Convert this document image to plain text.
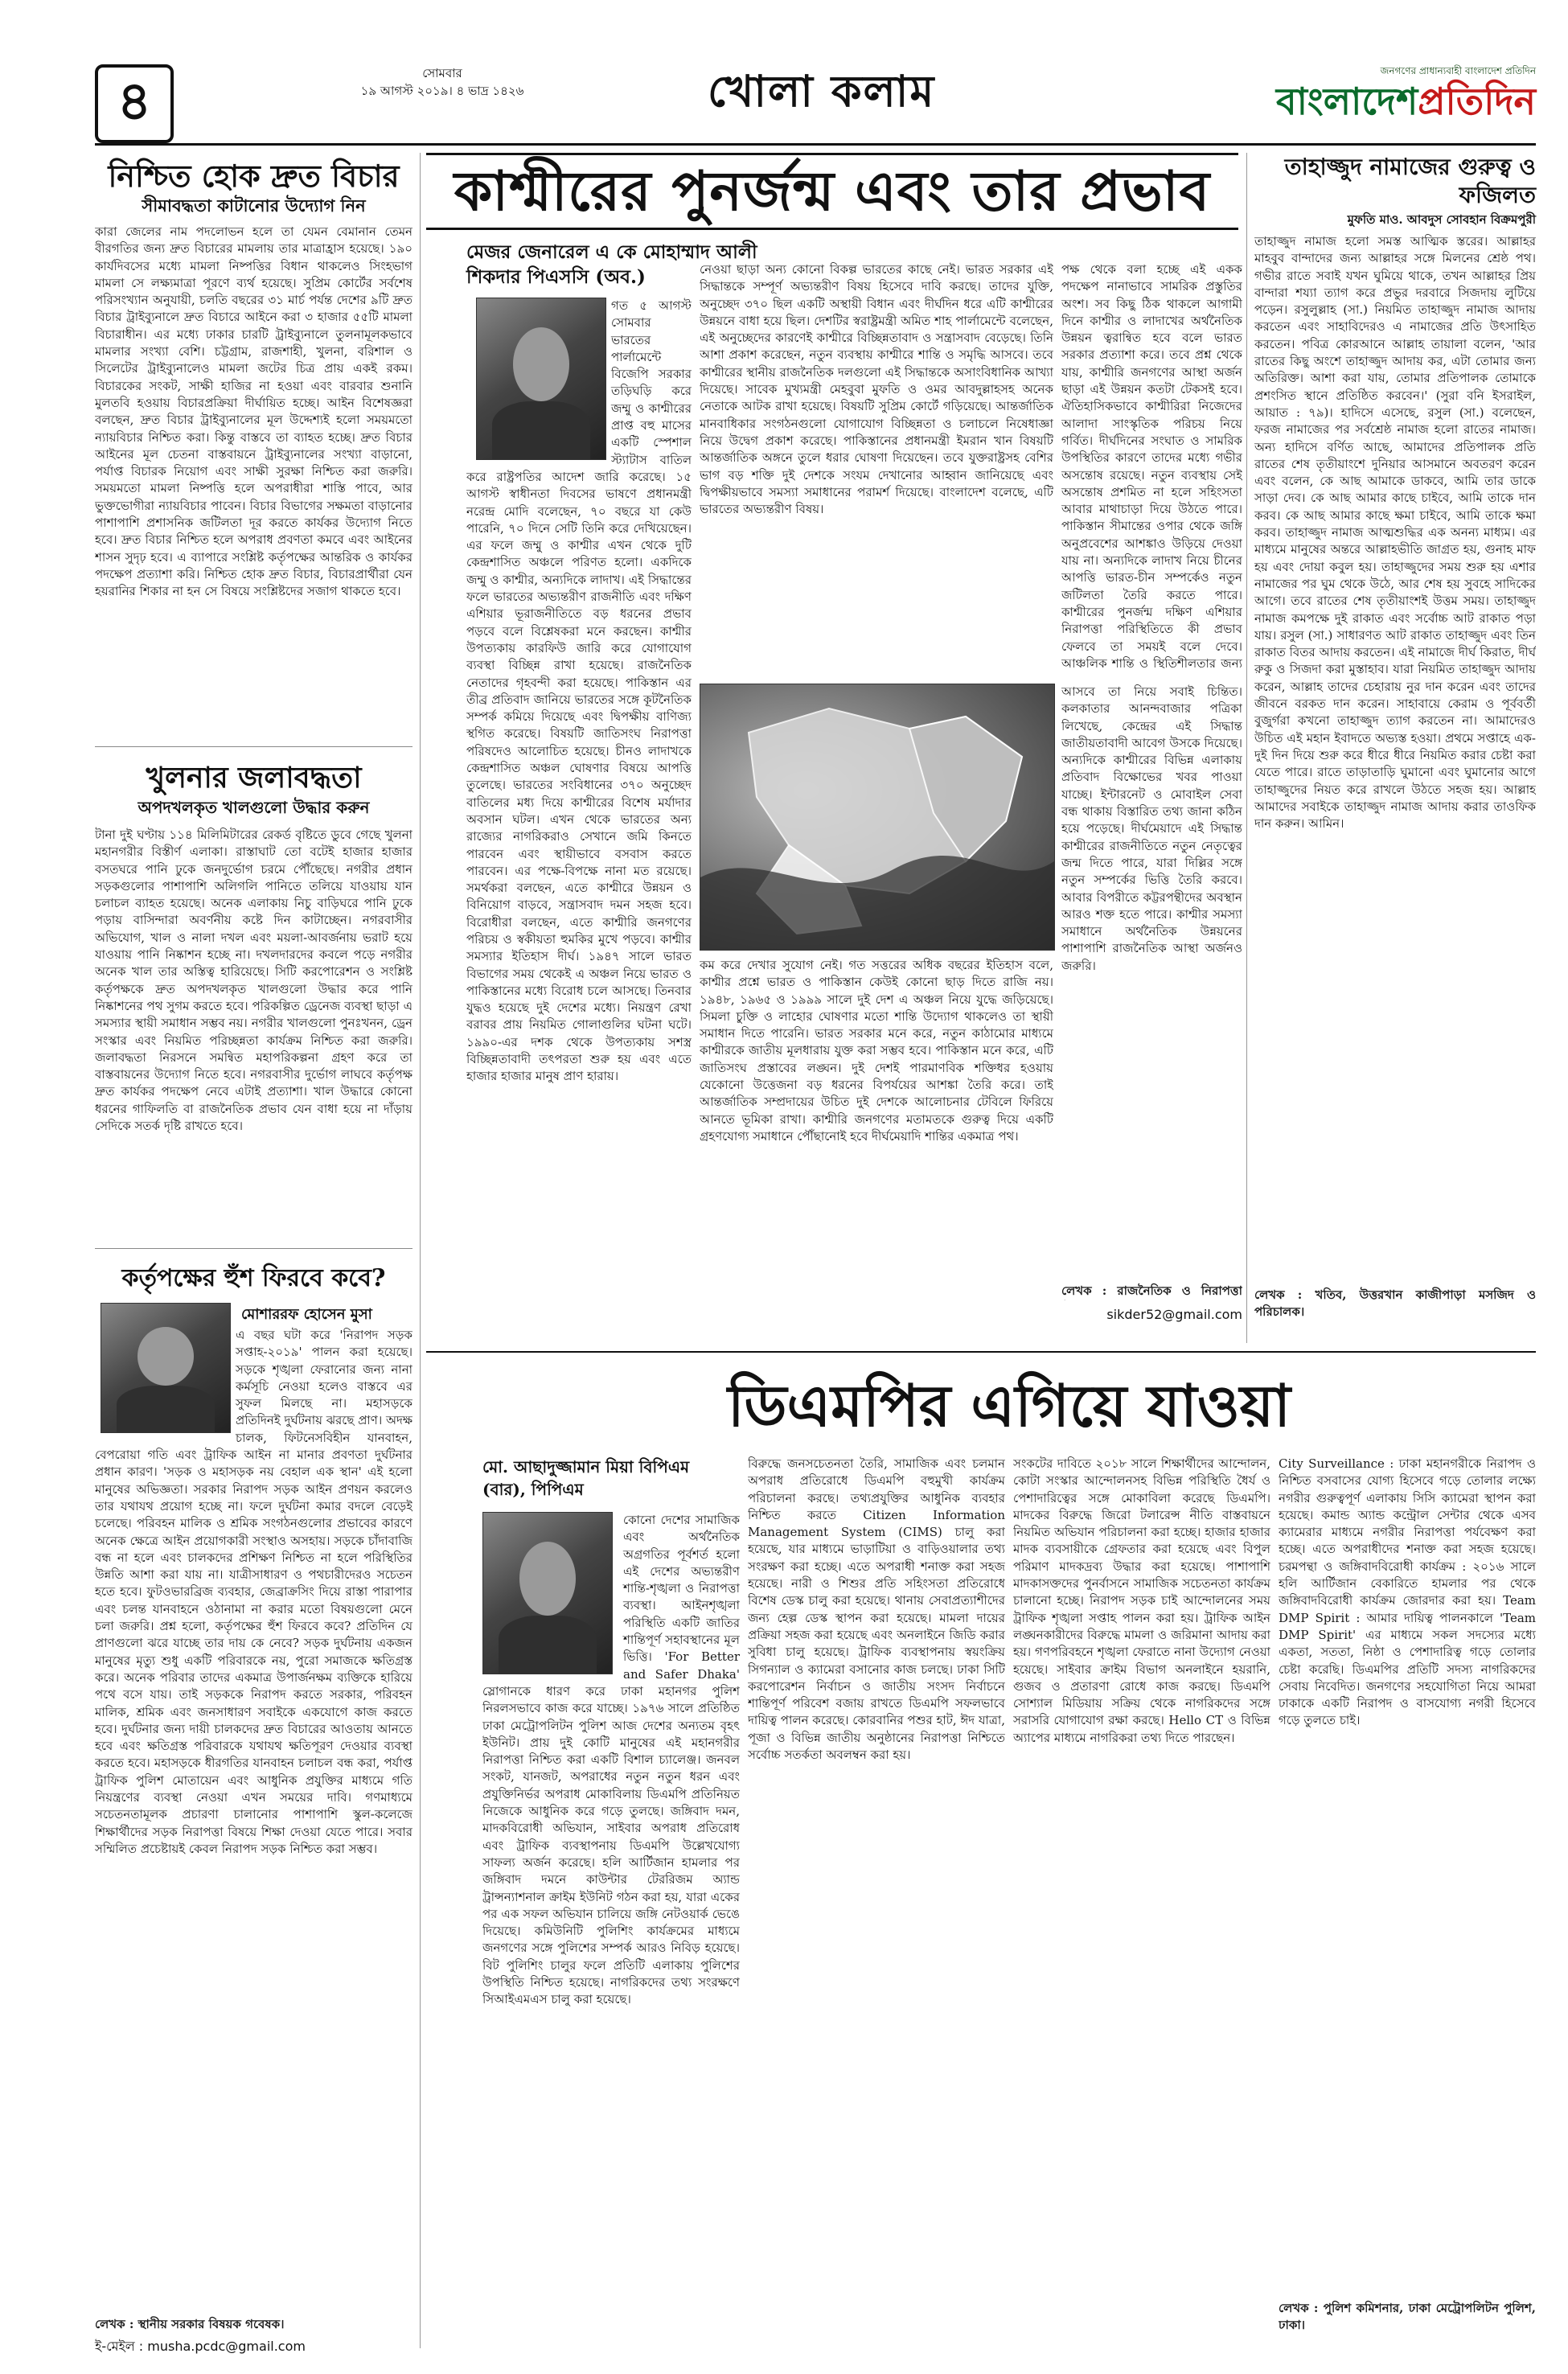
৪	সোমবার
১৯ আগস্ট ২০১৯। ৪ ভাদ্র ১৪২৬	খোলা কলাম	জনগণের প্রাধান্যবাহী বাংলাদেশ প্রতিদিন
বাংলাদেশপ্রতিদিন
নিশ্চিত হোক দ্রুত বিচার
সীমাবদ্ধতা কাটানোর উদ্যোগ নিন
কারা জেলের নাম পদলোভন হলে তা যেমন বেমানান তেমন বীরগতির জন্য দ্রুত বিচারের মামলায় তার মাত্রাহ্রাস হয়েছে। ১৯০ কার্যদিবসের মধ্যে মামলা নিষ্পত্তির বিধান থাকলেও সিংহভাগ মামলা সে লক্ষ্যমাত্রা পূরণে ব্যর্থ হয়েছে। সুপ্রিম কোর্টের সর্বশেষ পরিসংখ্যান অনুযায়ী, চলতি বছরের ৩১ মার্চ পর্যন্ত দেশের ৯টি দ্রুত বিচার ট্রাইব্যুনালে দ্রুত বিচারে আইনে করা ৩ হাজার ৫৫টি মামলা বিচারাধীন। এর মধ্যে ঢাকার চারটি ট্রাইব্যুনালে তুলনামূলকভাবে মামলার সংখ্যা বেশি। চট্টগ্রাম, রাজশাহী, খুলনা, বরিশাল ও সিলেটের ট্রাইব্যুনালেও মামলা জটের চিত্র প্রায় একই রকম। বিচারকের সংকট, সাক্ষী হাজির না হওয়া এবং বারবার শুনানি মুলতবি হওয়ায় বিচারপ্রক্রিয়া দীর্ঘায়িত হচ্ছে। আইন বিশেষজ্ঞরা বলছেন, দ্রুত বিচার ট্রাইব্যুনালের মূল উদ্দেশ্যই হলো সময়মতো ন্যায়বিচার নিশ্চিত করা। কিন্তু বাস্তবে তা ব্যাহত হচ্ছে। দ্রুত বিচার আইনের মূল চেতনা বাস্তবায়নে ট্রাইব্যুনালের সংখ্যা বাড়ানো, পর্যাপ্ত বিচারক নিয়োগ এবং সাক্ষী সুরক্ষা নিশ্চিত করা জরুরি। সময়মতো মামলা নিষ্পত্তি হলে অপরাধীরা শাস্তি পাবে, আর ভুক্তভোগীরা ন্যায়বিচার পাবেন। বিচার বিভাগের সক্ষমতা বাড়ানোর পাশাপাশি প্রশাসনিক জটিলতা দূর করতে কার্যকর উদ্যোগ নিতে হবে। দ্রুত বিচার নিশ্চিত হলে অপরাধ প্রবণতা কমবে এবং আইনের শাসন সুদৃঢ় হবে। এ ব্যাপারে সংশ্লিষ্ট কর্তৃপক্ষের আন্তরিক ও কার্যকর পদক্ষেপ প্রত্যাশা করি। নিশ্চিত হোক দ্রুত বিচার, বিচারপ্রার্থীরা যেন হয়রানির শিকার না হন সে বিষয়ে সংশ্লিষ্টদের সজাগ থাকতে হবে।
খুলনার জলাবদ্ধতা
অপদখলকৃত খালগুলো উদ্ধার করুন
টানা দুই ঘণ্টায় ১১৪ মিলিমিটারের রেকর্ড বৃষ্টিতে ডুবে গেছে খুলনা মহানগরীর বিস্তীর্ণ এলাকা। রাস্তাঘাট তো বটেই হাজার হাজার বসতঘরে পানি ঢুকে জনদুর্ভোগ চরমে পৌঁছেছে। নগরীর প্রধান সড়কগুলোর পাশাপাশি অলিগলি পানিতে তলিয়ে যাওয়ায় যান চলাচল ব্যাহত হয়েছে। অনেক এলাকায় নিচু বাড়িঘরে পানি ঢুকে পড়ায় বাসিন্দারা অবর্ণনীয় কষ্টে দিন কাটাচ্ছেন। নগরবাসীর অভিযোগ, খাল ও নালা দখল এবং ময়লা-আবর্জনায় ভরাট হয়ে যাওয়ায় পানি নিষ্কাশন হচ্ছে না। দখলদারদের কবলে পড়ে নগরীর অনেক খাল তার অস্তিত্ব হারিয়েছে। সিটি করপোরেশন ও সংশ্লিষ্ট কর্তৃপক্ষকে দ্রুত অপদখলকৃত খালগুলো উদ্ধার করে পানি নিষ্কাশনের পথ সুগম করতে হবে। পরিকল্পিত ড্রেনেজ ব্যবস্থা ছাড়া এ সমস্যার স্থায়ী সমাধান সম্ভব নয়। নগরীর খালগুলো পুনঃখনন, ড্রেন সংস্কার এবং নিয়মিত পরিচ্ছন্নতা কার্যক্রম নিশ্চিত করা জরুরি। জলাবদ্ধতা নিরসনে সমন্বিত মহাপরিকল্পনা গ্রহণ করে তা বাস্তবায়নের উদ্যোগ নিতে হবে। নগরবাসীর দুর্ভোগ লাঘবে কর্তৃপক্ষ দ্রুত কার্যকর পদক্ষেপ নেবে এটাই প্রত্যাশা। খাল উদ্ধারে কোনো ধরনের গাফিলতি বা রাজনৈতিক প্রভাব যেন বাধা হয়ে না দাঁড়ায় সেদিকে সতর্ক দৃষ্টি রাখতে হবে।
কর্তৃপক্ষের হুঁশ ফিরবে কবে?
মোশাররফ হোসেন মুসা
এ বছর ঘটা করে 'নিরাপদ সড়ক সপ্তাহ-২০১৯' পালন করা হয়েছে। সড়কে শৃঙ্খলা ফেরানোর জন্য নানা কর্মসূচি নেওয়া হলেও বাস্তবে এর সুফল মিলছে না। মহাসড়কে প্রতিদিনই দুর্ঘটনায় ঝরছে প্রাণ। অদক্ষ চালক, ফিটনেসবিহীন যানবাহন, বেপরোয়া গতি এবং ট্রাফিক আইন না মানার প্রবণতা দুর্ঘটনার প্রধান কারণ। 'সড়ক ও মহাসড়ক নয় বেহাল এক স্থান' এই হলো মানুষের অভিজ্ঞতা। সরকার নিরাপদ সড়ক আইন প্রণয়ন করলেও তার যথাযথ প্রয়োগ হচ্ছে না। ফলে দুর্ঘটনা কমার বদলে বেড়েই চলেছে। পরিবহন মালিক ও শ্রমিক সংগঠনগুলোর প্রভাবের কারণে অনেক ক্ষেত্রে আইন প্রয়োগকারী সংস্থাও অসহায়। সড়কে চাঁদাবাজি বন্ধ না হলে এবং চালকদের প্রশিক্ষণ নিশ্চিত না হলে পরিস্থিতির উন্নতি আশা করা যায় না। যাত্রীসাধারণ ও পথচারীদেরও সচেতন হতে হবে। ফুটওভারব্রিজ ব্যবহার, জেব্রাক্রসিং দিয়ে রাস্তা পারাপার এবং চলন্ত যানবাহনে ওঠানামা না করার মতো বিষয়গুলো মেনে চলা জরুরি। প্রশ্ন হলো, কর্তৃপক্ষের হুঁশ ফিরবে কবে? প্রতিদিন যে প্রাণগুলো ঝরে যাচ্ছে তার দায় কে নেবে? সড়ক দুর্ঘটনায় একজন মানুষের মৃত্যু শুধু একটি পরিবারকে নয়, পুরো সমাজকে ক্ষতিগ্রস্ত করে। অনেক পরিবার তাদের একমাত্র উপার্জনক্ষম ব্যক্তিকে হারিয়ে পথে বসে যায়। তাই সড়ককে নিরাপদ করতে সরকার, পরিবহন মালিক, শ্রমিক এবং জনসাধারণ সবাইকে একযোগে কাজ করতে হবে। দুর্ঘটনার জন্য দায়ী চালকদের দ্রুত বিচারের আওতায় আনতে হবে এবং ক্ষতিগ্রস্ত পরিবারকে যথাযথ ক্ষতিপূরণ দেওয়ার ব্যবস্থা করতে হবে। মহাসড়কে ধীরগতির যানবাহন চলাচল বন্ধ করা, পর্যাপ্ত ট্রাফিক পুলিশ মোতায়েন এবং আধুনিক প্রযুক্তির মাধ্যমে গতি নিয়ন্ত্রণের ব্যবস্থা নেওয়া এখন সময়ের দাবি। গণমাধ্যমে সচেতনতামূলক প্রচারণা চালানোর পাশাপাশি স্কুল-কলেজে শিক্ষার্থীদের সড়ক নিরাপত্তা বিষয়ে শিক্ষা দেওয়া যেতে পারে। সবার সম্মিলিত প্রচেষ্টায়ই কেবল নিরাপদ সড়ক নিশ্চিত করা সম্ভব।
লেখক : স্থানীয় সরকার বিষয়ক গবেষক।
ই-মেইল : musha.pcdc@gmail.com
কাশ্মীরের পুনর্জন্ম এবং তার প্রভাব
মেজর জেনারেল এ কে মোহাম্মাদ আলী শিকদার পিএসসি (অব.)
গত ৫ আগস্ট সোমবার ভারতের পার্লামেন্টে বিজেপি সরকার তড়িঘড়ি করে জম্মু ও কাশ্মীরের প্রাপ্ত বহু মাসের একটি স্পেশাল স্ট্যাটাস বাতিল করে রাষ্ট্রপতির আদেশ জারি করেছে। ১৫ আগস্ট স্বাধীনতা দিবসের ভাষণে প্রধানমন্ত্রী নরেন্দ্র মোদি বলেছেন, ৭০ বছরে যা কেউ পারেনি, ৭০ দিনে সেটি তিনি করে দেখিয়েছেন। এর ফলে জম্মু ও কাশ্মীর এখন থেকে দুটি কেন্দ্রশাসিত অঞ্চলে পরিণত হলো। একদিকে জম্মু ও কাশ্মীর, অন্যদিকে লাদাখ। এই সিদ্ধান্তের ফলে ভারতের অভ্যন্তরীণ রাজনীতি এবং দক্ষিণ এশিয়ার ভূরাজনীতিতে বড় ধরনের প্রভাব পড়বে বলে বিশ্লেষকরা মনে করছেন। কাশ্মীর উপত্যকায় কারফিউ জারি করে যোগাযোগ ব্যবস্থা বিচ্ছিন্ন রাখা হয়েছে। রাজনৈতিক নেতাদের গৃহবন্দী করা হয়েছে। পাকিস্তান এর তীব্র প্রতিবাদ জানিয়ে ভারতের সঙ্গে কূটনৈতিক সম্পর্ক কমিয়ে দিয়েছে এবং দ্বিপক্ষীয় বাণিজ্য স্থগিত করেছে। বিষয়টি জাতিসংঘ নিরাপত্তা পরিষদেও আলোচিত হয়েছে। চীনও লাদাখকে কেন্দ্রশাসিত অঞ্চল ঘোষণার বিষয়ে আপত্তি তুলেছে। ভারতের সংবিধানের ৩৭০ অনুচ্ছেদ বাতিলের মধ্য দিয়ে কাশ্মীরের বিশেষ মর্যাদার অবসান ঘটল। এখন থেকে ভারতের অন্য রাজ্যের নাগরিকরাও সেখানে জমি কিনতে পারবেন এবং স্থায়ীভাবে বসবাস করতে পারবেন। এর পক্ষে-বিপক্ষে নানা মত রয়েছে। সমর্থকরা বলছেন, এতে কাশ্মীরে উন্নয়ন ও বিনিয়োগ বাড়বে, সন্ত্রাসবাদ দমন সহজ হবে। বিরোধীরা বলছেন, এতে কাশ্মীরি জনগণের পরিচয় ও স্বকীয়তা হুমকির মুখে পড়বে। কাশ্মীর সমস্যার ইতিহাস দীর্ঘ। ১৯৪৭ সালে ভারত বিভাগের সময় থেকেই এ অঞ্চল নিয়ে ভারত ও পাকিস্তানের মধ্যে বিরোধ চলে আসছে। তিনবার যুদ্ধও হয়েছে দুই দেশের মধ্যে। নিয়ন্ত্রণ রেখা বরাবর প্রায় নিয়মিত গোলাগুলির ঘটনা ঘটে। ১৯৯০-এর দশক থেকে উপত্যকায় সশস্ত্র বিচ্ছিন্নতাবাদী তৎপরতা শুরু হয় এবং এতে হাজার হাজার মানুষ প্রাণ হারায়।
নেওয়া ছাড়া অন্য কোনো বিকল্প ভারতের কাছে নেই। ভারত সরকার এই সিদ্ধান্তকে সম্পূর্ণ অভ্যন্তরীণ বিষয় হিসেবে দাবি করছে। তাদের যুক্তি, অনুচ্ছেদ ৩৭০ ছিল একটি অস্থায়ী বিধান এবং দীর্ঘদিন ধরে এটি কাশ্মীরের উন্নয়নে বাধা হয়ে ছিল। দেশটির স্বরাষ্ট্রমন্ত্রী অমিত শাহ পার্লামেন্টে বলেছেন, এই অনুচ্ছেদের কারণেই কাশ্মীরে বিচ্ছিন্নতাবাদ ও সন্ত্রাসবাদ বেড়েছে। তিনি আশা প্রকাশ করেছেন, নতুন ব্যবস্থায় কাশ্মীরে শান্তি ও সমৃদ্ধি আসবে। তবে কাশ্মীরের স্থানীয় রাজনৈতিক দলগুলো এই সিদ্ধান্তকে অসাংবিধানিক আখ্যা দিয়েছে। সাবেক মুখ্যমন্ত্রী মেহবুবা মুফতি ও ওমর আবদুল্লাহসহ অনেক নেতাকে আটক রাখা হয়েছে। বিষয়টি সুপ্রিম কোর্টে গড়িয়েছে। আন্তর্জাতিক মানবাধিকার সংগঠনগুলো যোগাযোগ বিচ্ছিন্নতা ও চলাচলে নিষেধাজ্ঞা নিয়ে উদ্বেগ প্রকাশ করেছে। পাকিস্তানের প্রধানমন্ত্রী ইমরান খান বিষয়টি আন্তর্জাতিক অঙ্গনে তুলে ধরার ঘোষণা দিয়েছেন। তবে যুক্তরাষ্ট্রসহ বেশির ভাগ বড় শক্তি দুই দেশকে সংযম দেখানোর আহ্বান জানিয়েছে এবং দ্বিপক্ষীয়ভাবে সমস্যা সমাধানের পরামর্শ দিয়েছে। বাংলাদেশ বলেছে, এটি ভারতের অভ্যন্তরীণ বিষয়।
পক্ষ থেকে বলা হচ্ছে এই একক পদক্ষেপ নানাভাবে সামরিক প্রস্তুতির অংশ। সব কিছু ঠিক থাকলে আগামী দিনে কাশ্মীর ও লাদাখের অর্থনৈতিক উন্নয়ন ত্বরান্বিত হবে বলে ভারত সরকার প্রত্যাশা করে। তবে প্রশ্ন থেকে যায়, কাশ্মীরি জনগণের আস্থা অর্জন ছাড়া এই উন্নয়ন কতটা টেকসই হবে। ঐতিহাসিকভাবে কাশ্মীরিরা নিজেদের আলাদা সাংস্কৃতিক পরিচয় নিয়ে গর্বিত। দীর্ঘদিনের সংঘাত ও সামরিক উপস্থিতির কারণে তাদের মধ্যে গভীর অসন্তোষ রয়েছে। নতুন ব্যবস্থায় সেই অসন্তোষ প্রশমিত না হলে সহিংসতা আবার মাথাচাড়া দিয়ে উঠতে পারে। পাকিস্তান সীমান্তের ওপার থেকে জঙ্গি অনুপ্রবেশের আশঙ্কাও উড়িয়ে দেওয়া যায় না। অন্যদিকে লাদাখ নিয়ে চীনের আপত্তি ভারত-চীন সম্পর্কেও নতুন জটিলতা তৈরি করতে পারে। কাশ্মীরের পুনর্জন্ম দক্ষিণ এশিয়ার নিরাপত্তা পরিস্থিতিতে কী প্রভাব ফেলবে তা সময়ই বলে দেবে। আঞ্চলিক শান্তি ও স্থিতিশীলতার জন্য
কম করে দেখার সুযোগ নেই। গত সত্তরের অধিক বছরের ইতিহাস বলে, কাশ্মীর প্রশ্নে ভারত ও পাকিস্তান কেউই কোনো ছাড় দিতে রাজি নয়। ১৯৪৮, ১৯৬৫ ও ১৯৯৯ সালে দুই দেশ এ অঞ্চল নিয়ে যুদ্ধে জড়িয়েছে। সিমলা চুক্তি ও লাহোর ঘোষণার মতো শান্তি উদ্যোগ থাকলেও তা স্থায়ী সমাধান দিতে পারেনি। ভারত সরকার মনে করে, নতুন কাঠামোর মাধ্যমে কাশ্মীরকে জাতীয় মূলধারায় যুক্ত করা সম্ভব হবে। পাকিস্তান মনে করে, এটি জাতিসংঘ প্রস্তাবের লঙ্ঘন। দুই দেশই পারমাণবিক শক্তিধর হওয়ায় যেকোনো উত্তেজনা বড় ধরনের বিপর্যয়ের আশঙ্কা তৈরি করে। তাই আন্তর্জাতিক সম্প্রদায়ের উচিত দুই দেশকে আলোচনার টেবিলে ফিরিয়ে আনতে ভূমিকা রাখা। কাশ্মীরি জনগণের মতামতকে গুরুত্ব দিয়ে একটি গ্রহণযোগ্য সমাধানে পৌঁছানোই হবে দীর্ঘমেয়াদি শান্তির একমাত্র পথ।
আসবে তা নিয়ে সবাই চিন্তিত। কলকাতার আনন্দবাজার পত্রিকা লিখেছে, কেন্দ্রের এই সিদ্ধান্ত জাতীয়তাবাদী আবেগ উসকে দিয়েছে। অন্যদিকে কাশ্মীরের বিভিন্ন এলাকায় প্রতিবাদ বিক্ষোভের খবর পাওয়া যাচ্ছে। ইন্টারনেট ও মোবাইল সেবা বন্ধ থাকায় বিস্তারিত তথ্য জানা কঠিন হয়ে পড়েছে। দীর্ঘমেয়াদে এই সিদ্ধান্ত কাশ্মীরের রাজনীতিতে নতুন নেতৃত্বের জন্ম দিতে পারে, যারা দিল্লির সঙ্গে নতুন সম্পর্কের ভিত্তি তৈরি করবে। আবার বিপরীতে কট্টরপন্থীদের অবস্থান আরও শক্ত হতে পারে। কাশ্মীর সমস্যা সমাধানে অর্থনৈতিক উন্নয়নের পাশাপাশি রাজনৈতিক আস্থা অর্জনও জরুরি।
লেখক : রাজনৈতিক ও নিরাপত্তা
sikder52@gmail.com
তাহাজ্জুদ নামাজের গুরুত্ব ও ফজিলত
মুফতি মাও. আবদুস সোবহান বিক্রমপুরী
তাহাজ্জুদ নামাজ হলো সমস্ত আত্মিক স্তরের। আল্লাহর মাহবুব বান্দাদের জন্য আল্লাহর সঙ্গে মিলনের শ্রেষ্ঠ পথ। গভীর রাতে সবাই যখন ঘুমিয়ে থাকে, তখন আল্লাহর প্রিয় বান্দারা শয্যা ত্যাগ করে প্রভুর দরবারে সিজদায় লুটিয়ে পড়েন। রসুলুল্লাহ (সা.) নিয়মিত তাহাজ্জুদ নামাজ আদায় করতেন এবং সাহাবিদেরও এ নামাজের প্রতি উৎসাহিত করতেন। পবিত্র কোরআনে আল্লাহ তায়ালা বলেন, 'আর রাতের কিছু অংশে তাহাজ্জুদ আদায় কর, এটা তোমার জন্য অতিরিক্ত। আশা করা যায়, তোমার প্রতিপালক তোমাকে প্রশংসিত স্থানে প্রতিষ্ঠিত করবেন।' (সুরা বনি ইসরাইল, আয়াত : ৭৯)। হাদিসে এসেছে, রসুল (সা.) বলেছেন, ফরজ নামাজের পর সর্বশ্রেষ্ঠ নামাজ হলো রাতের নামাজ। অন্য হাদিসে বর্ণিত আছে, আমাদের প্রতিপালক প্রতি রাতের শেষ তৃতীয়াংশে দুনিয়ার আসমানে অবতরণ করেন এবং বলেন, কে আছ আমাকে ডাকবে, আমি তার ডাকে সাড়া দেব। কে আছ আমার কাছে চাইবে, আমি তাকে দান করব। কে আছ আমার কাছে ক্ষমা চাইবে, আমি তাকে ক্ষমা করব। তাহাজ্জুদ নামাজ আত্মশুদ্ধির এক অনন্য মাধ্যম। এর মাধ্যমে মানুষের অন্তরে আল্লাহভীতি জাগ্রত হয়, গুনাহ মাফ হয় এবং দোয়া কবুল হয়। তাহাজ্জুদের সময় শুরু হয় এশার নামাজের পর ঘুম থেকে উঠে, আর শেষ হয় সুবহে সাদিকের আগে। তবে রাতের শেষ তৃতীয়াংশই উত্তম সময়। তাহাজ্জুদ নামাজ কমপক্ষে দুই রাকাত এবং সর্বোচ্চ আট রাকাত পড়া যায়। রসুল (সা.) সাধারণত আট রাকাত তাহাজ্জুদ এবং তিন রাকাত বিতর আদায় করতেন। এই নামাজে দীর্ঘ কিরাত, দীর্ঘ রুকু ও সিজদা করা মুস্তাহাব। যারা নিয়মিত তাহাজ্জুদ আদায় করেন, আল্লাহ তাদের চেহারায় নুর দান করেন এবং তাদের জীবনে বরকত দান করেন। সাহাবায়ে কেরাম ও পূর্ববর্তী বুজুর্গরা কখনো তাহাজ্জুদ ত্যাগ করতেন না। আমাদেরও উচিত এই মহান ইবাদতে অভ্যস্ত হওয়া। প্রথমে সপ্তাহে এক-দুই দিন দিয়ে শুরু করে ধীরে ধীরে নিয়মিত করার চেষ্টা করা যেতে পারে। রাতে তাড়াতাড়ি ঘুমানো এবং ঘুমানোর আগে তাহাজ্জুদের নিয়ত করে রাখলে উঠতে সহজ হয়। আল্লাহ আমাদের সবাইকে তাহাজ্জুদ নামাজ আদায় করার তাওফিক দান করুন। আমিন।
লেখক : খতিব, উত্তরখান কাজীপাড়া মসজিদ ও পরিচালক।
ডিএমপির এগিয়ে যাওয়া
মো. আছাদুজ্জামান মিয়া বিপিএম (বার), পিপিএম
কোনো দেশের সামাজিক এবং অর্থনৈতিক অগ্রগতির পূর্বশর্ত হলো এই দেশের অভ্যন্তরীণ শান্তি-শৃঙ্খলা ও নিরাপত্তা ব্যবস্থা। আইনশৃঙ্খলা পরিস্থিতি একটি জাতির শান্তিপূর্ণ সহাবস্থানের মূল ভিত্তি। 'For Better and Safer Dhaka' স্লোগানকে ধারণ করে ঢাকা মহানগর পুলিশ নিরলসভাবে কাজ করে যাচ্ছে। ১৯৭৬ সালে প্রতিষ্ঠিত ঢাকা মেট্রোপলিটন পুলিশ আজ দেশের অন্যতম বৃহৎ ইউনিট। প্রায় দুই কোটি মানুষের এই মহানগরীর নিরাপত্তা নিশ্চিত করা একটি বিশাল চ্যালেঞ্জ। জনবল সংকট, যানজট, অপরাধের নতুন নতুন ধরন এবং প্রযুক্তিনির্ভর অপরাধ মোকাবিলায় ডিএমপি প্রতিনিয়ত নিজেকে আধুনিক করে গড়ে তুলছে। জঙ্গিবাদ দমন, মাদকবিরোধী অভিযান, সাইবার অপরাধ প্রতিরোধ এবং ট্রাফিক ব্যবস্থাপনায় ডিএমপি উল্লেখযোগ্য সাফল্য অর্জন করেছে। হলি আর্টিজান হামলার পর জঙ্গিবাদ দমনে কাউন্টার টেররিজম অ্যান্ড ট্রান্সন্যাশনাল ক্রাইম ইউনিট গঠন করা হয়, যারা একের পর এক সফল অভিযান চালিয়ে জঙ্গি নেটওয়ার্ক ভেঙে দিয়েছে। কমিউনিটি পুলিশিং কার্যক্রমের মাধ্যমে জনগণের সঙ্গে পুলিশের সম্পর্ক আরও নিবিড় হয়েছে। বিট পুলিশিং চালুর ফলে প্রতিটি এলাকায় পুলিশের উপস্থিতি নিশ্চিত হয়েছে। নাগরিকদের তথ্য সংরক্ষণে সিআইএমএস চালু করা হয়েছে।
বিরুদ্ধে জনসচেতনতা তৈরি, সামাজিক এবং চলমান অপরাধ প্রতিরোধে ডিএমপি বহুমুখী কার্যক্রম পরিচালনা করছে। তথ্যপ্রযুক্তির আধুনিক ব্যবহার নিশ্চিত করতে Citizen Information Management System (CIMS) চালু করা হয়েছে, যার মাধ্যমে ভাড়াটিয়া ও বাড়িওয়ালার তথ্য সংরক্ষণ করা হচ্ছে। এতে অপরাধী শনাক্ত করা সহজ হয়েছে। নারী ও শিশুর প্রতি সহিংসতা প্রতিরোধে বিশেষ ডেস্ক চালু করা হয়েছে। থানায় সেবাপ্রত্যাশীদের জন্য হেল্প ডেস্ক স্থাপন করা হয়েছে। মামলা দায়ের প্রক্রিয়া সহজ করা হয়েছে এবং অনলাইনে জিডি করার সুবিধা চালু হয়েছে। ট্রাফিক ব্যবস্থাপনায় স্বয়ংক্রিয় সিগন্যাল ও ক্যামেরা বসানোর কাজ চলছে। ঢাকা সিটি করপোরেশন নির্বাচন ও জাতীয় সংসদ নির্বাচনে শান্তিপূর্ণ পরিবেশ বজায় রাখতে ডিএমপি সফলভাবে দায়িত্ব পালন করেছে। কোরবানির পশুর হাট, ঈদ যাত্রা, পূজা ও বিভিন্ন জাতীয় অনুষ্ঠানের নিরাপত্তা নিশ্চিতে সর্বোচ্চ সতর্কতা অবলম্বন করা হয়।
সংকটের দাবিতে ২০১৮ সালে শিক্ষার্থীদের আন্দোলন, কোটা সংস্কার আন্দোলনসহ বিভিন্ন পরিস্থিতি ধৈর্য ও পেশাদারিত্বের সঙ্গে মোকাবিলা করেছে ডিএমপি। মাদকের বিরুদ্ধে জিরো টলারেন্স নীতি বাস্তবায়নে নিয়মিত অভিযান পরিচালনা করা হচ্ছে। হাজার হাজার মাদক ব্যবসায়ীকে গ্রেফতার করা হয়েছে এবং বিপুল পরিমাণ মাদকদ্রব্য উদ্ধার করা হয়েছে। পাশাপাশি মাদকাসক্তদের পুনর্বাসনে সামাজিক সচেতনতা কার্যক্রম চালানো হচ্ছে। নিরাপদ সড়ক চাই আন্দোলনের সময় ট্রাফিক শৃঙ্খলা সপ্তাহ পালন করা হয়। ট্রাফিক আইন লঙ্ঘনকারীদের বিরুদ্ধে মামলা ও জরিমানা আদায় করা হয়। গণপরিবহনে শৃঙ্খলা ফেরাতে নানা উদ্যোগ নেওয়া হয়েছে। সাইবার ক্রাইম বিভাগ অনলাইনে হয়রানি, গুজব ও প্রতারণা রোধে কাজ করছে। ডিএমপি সোশ্যাল মিডিয়ায় সক্রিয় থেকে নাগরিকদের সঙ্গে সরাসরি যোগাযোগ রক্ষা করছে। Hello CT ও বিভিন্ন অ্যাপের মাধ্যমে নাগরিকরা তথ্য দিতে পারছেন।
City Surveillance : ঢাকা মহানগরীকে নিরাপদ ও নিশ্চিত বসবাসের যোগ্য হিসেবে গড়ে তোলার লক্ষ্যে নগরীর গুরুত্বপূর্ণ এলাকায় সিসি ক্যামেরা স্থাপন করা হয়েছে। কমান্ড অ্যান্ড কন্ট্রোল সেন্টার থেকে এসব ক্যামেরার মাধ্যমে নগরীর নিরাপত্তা পর্যবেক্ষণ করা হচ্ছে। এতে অপরাধীদের শনাক্ত করা সহজ হয়েছে। চরমপন্থা ও জঙ্গিবাদবিরোধী কার্যক্রম : ২০১৬ সালে হলি আর্টিজান বেকারিতে হামলার পর থেকে জঙ্গিবাদবিরোধী কার্যক্রম জোরদার করা হয়। Team DMP Spirit : আমার দায়িত্ব পালনকালে 'Team DMP Spirit' এর মাধ্যমে সকল সদস্যের মধ্যে একতা, সততা, নিষ্ঠা ও পেশাদারিত্ব গড়ে তোলার চেষ্টা করেছি। ডিএমপির প্রতিটি সদস্য নাগরিকদের সেবায় নিবেদিত। জনগণের সহযোগিতা নিয়ে আমরা ঢাকাকে একটি নিরাপদ ও বাসযোগ্য নগরী হিসেবে গড়ে তুলতে চাই।
লেখক : পুলিশ কমিশনার, ঢাকা মেট্রোপলিটন পুলিশ, ঢাকা।
